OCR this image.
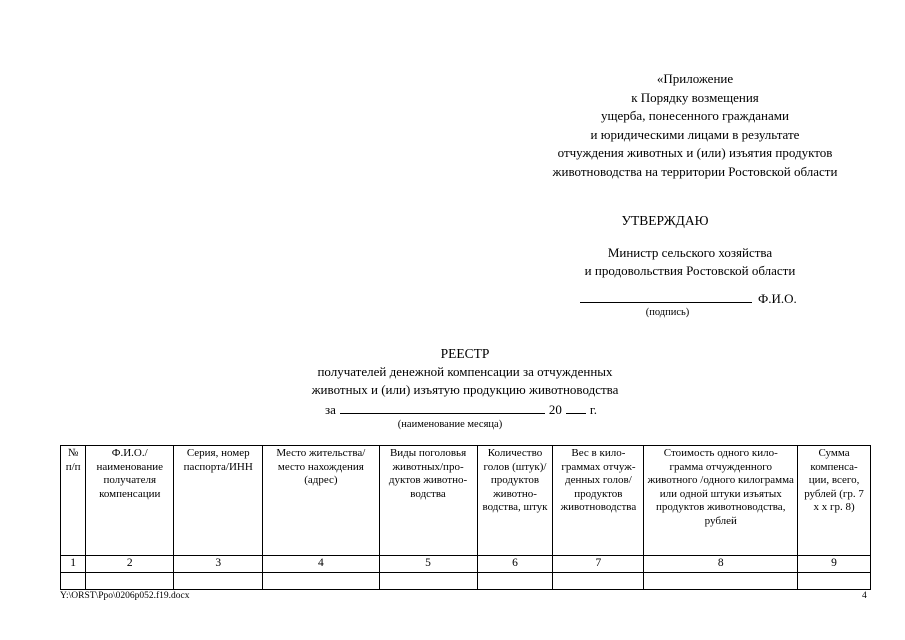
«Приложение
к Порядку возмещения
ущерба, понесенного гражданами
и юридическими лицами в результате
отчуждения животных и (или) изъятия продуктов
животноводства на территории Ростовской области
УТВЕРЖДАЮ
Министр сельского хозяйства
и продовольствия Ростовской области
Ф.И.О.
(подпись)
РЕЕСТР
получателей денежной компенсации за отчужденных
животных и (или) изъятую продукцию животноводства
за	20 г.
(наименование месяца)
№ п/п	Ф.И.О./ наименование получателя компенсации	Серия, номер паспорта/ИНН	Место жительства/ место нахождения (адрес)	Виды поголовья животных/про- дуктов животно- водства	Количество голов (штук)/ продуктов животно- водства, штук	Вес в кило- граммах отчуж- денных голов/ продуктов животноводства	Стоимость одного кило- грамма отчужденного животного /одного килограмма или одной штуки изъятых продуктов животноводства, рублей	Сумма компенса- ции, всего, рублей (гр. 7 х х гр. 8)
1	2	3	4	5	6	7	8	9

Y:\ORST\Ppo\0206p052.f19.docx	4
